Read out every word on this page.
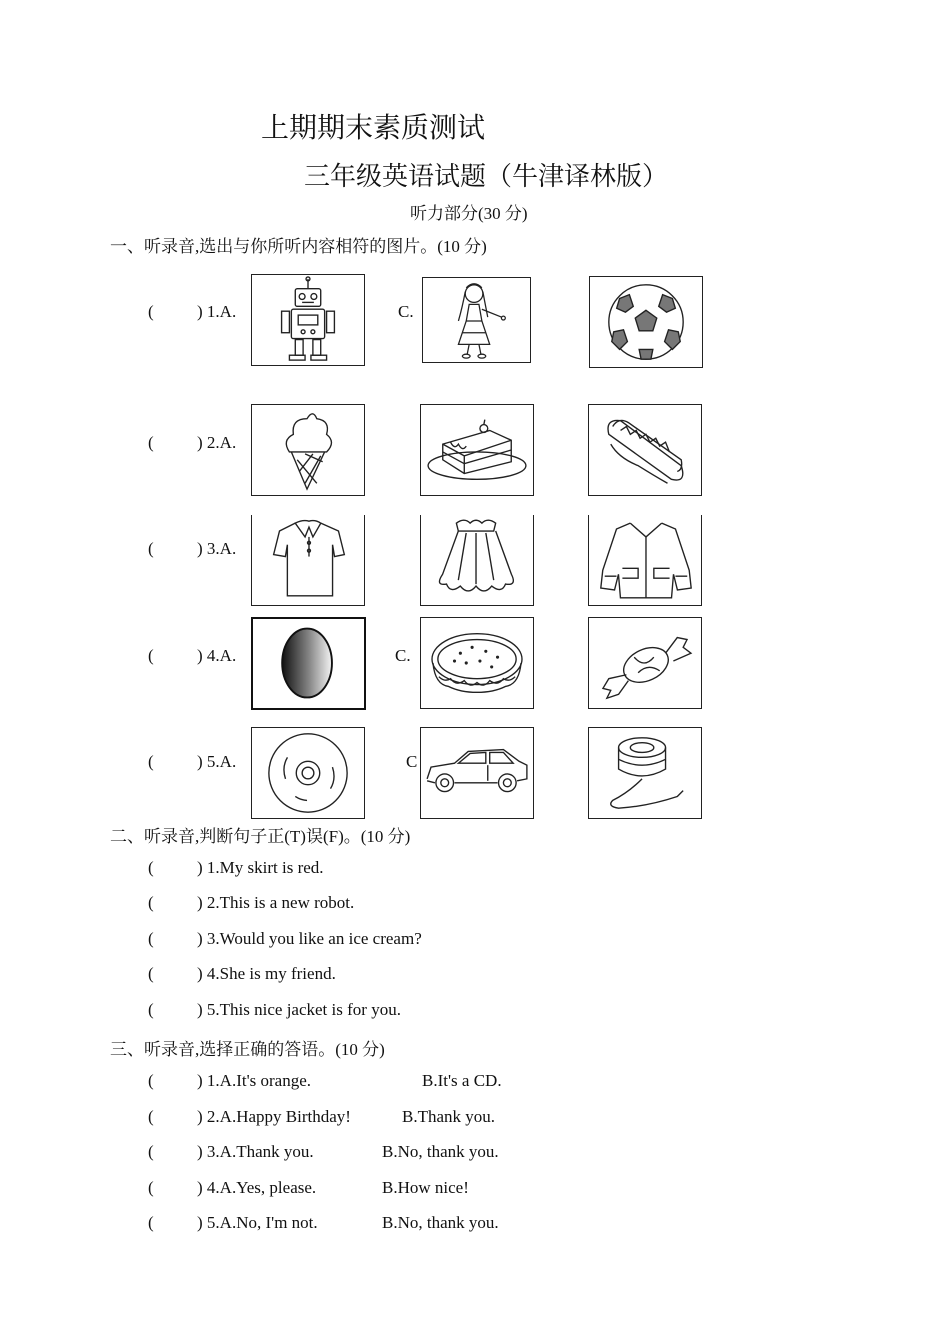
上期期末素质测试
三年级英语试题（牛津译林版）
听力部分(30 分)
一、听录音,选出与你所听内容相符的图片。(10 分)
(	) 1.A.	C.
(	) 2.A.
(	) 3.A.
(	) 4.A.	C.
(	) 5.A.	C
二、听录音,判断句子正(T)误(F)。(10 分)
(	) 1.My skirt is red.
(	) 2.This is a new robot.
(	) 3.Would you like an ice cream?
(	) 4.She is my friend.
(	) 5.This nice jacket is for you.
三、听录音,选择正确的答语。(10 分)
(	) 1.A.It's orange.	B.It's a CD.
(	) 2.A.Happy Birthday!	B.Thank you.
(	) 3.A.Thank you.	B.No, thank you.
(	) 4.A.Yes, please.	B.How nice!
(	) 5.A.No, I'm not.	B.No, thank you.
